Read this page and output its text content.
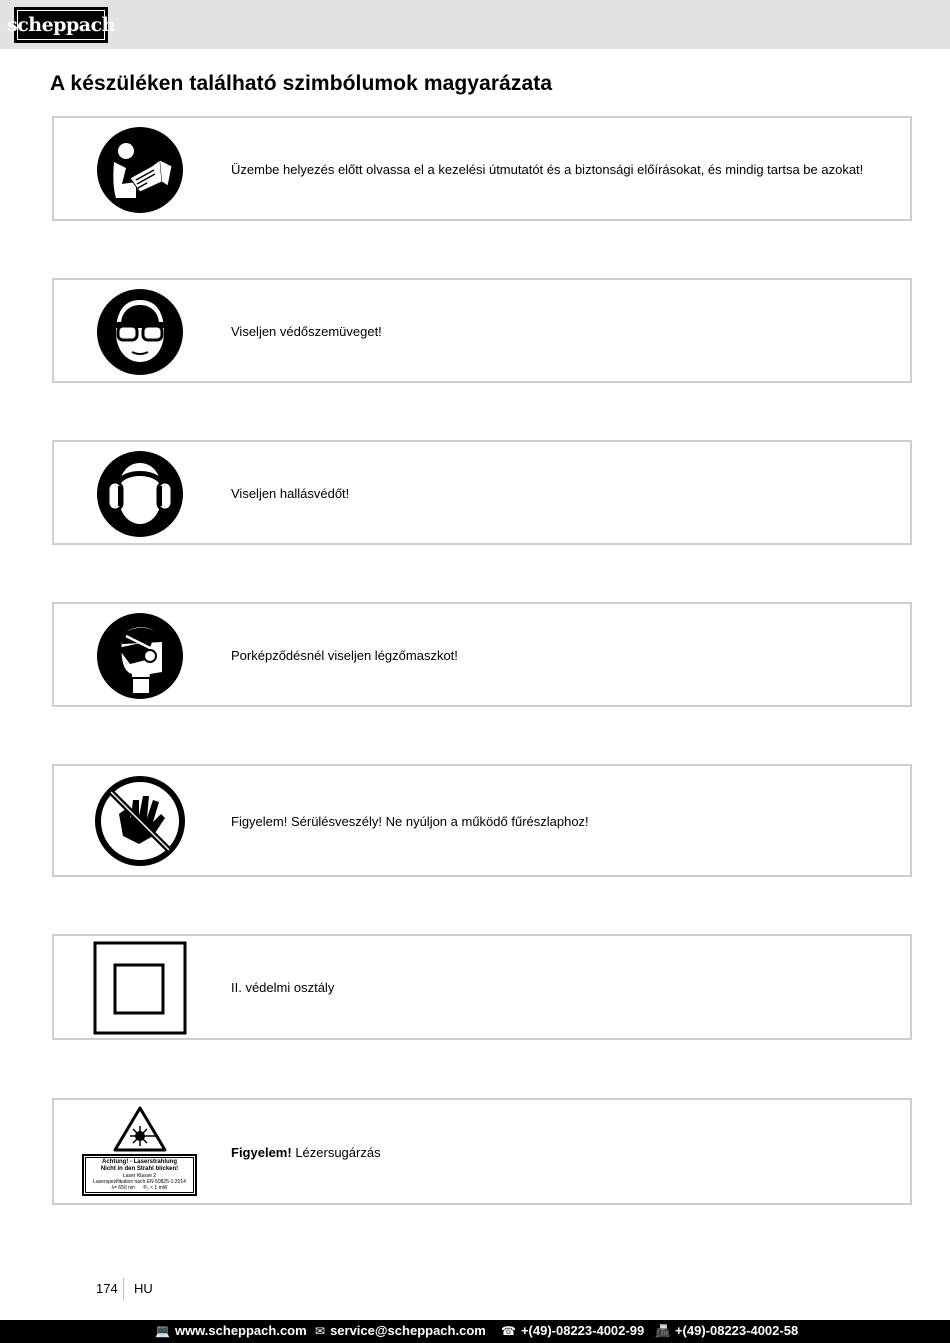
scheppach
A készüléken található szimbólumok magyarázata
Üzembe helyezés előtt olvassa el a kezelési útmutatót és a biztonsági előírásokat, és mindig tartsa be azokat!
Viseljen védőszemüveget!
Viseljen hallásvédőt!
Porképződésnél viseljen légzőmaszkot!
Figyelem! Sérülésveszély! Ne nyúljon a működő fűrészlaphoz!
II. védelmi osztály
Achtung! - Laserstrahlung
Nicht in den Strahl blicken!
Laser Klasse 2
Laserspezifikation nach EN 60825-1:2014
λ= 650 nm P₀ < 1 mW
Figyelem! Lézersugárzás
174 HU
💻 www.scheppach.com ✉ service@scheppach.com ☎ +(49)-08223-4002-99 📠 +(49)-08223-4002-58
